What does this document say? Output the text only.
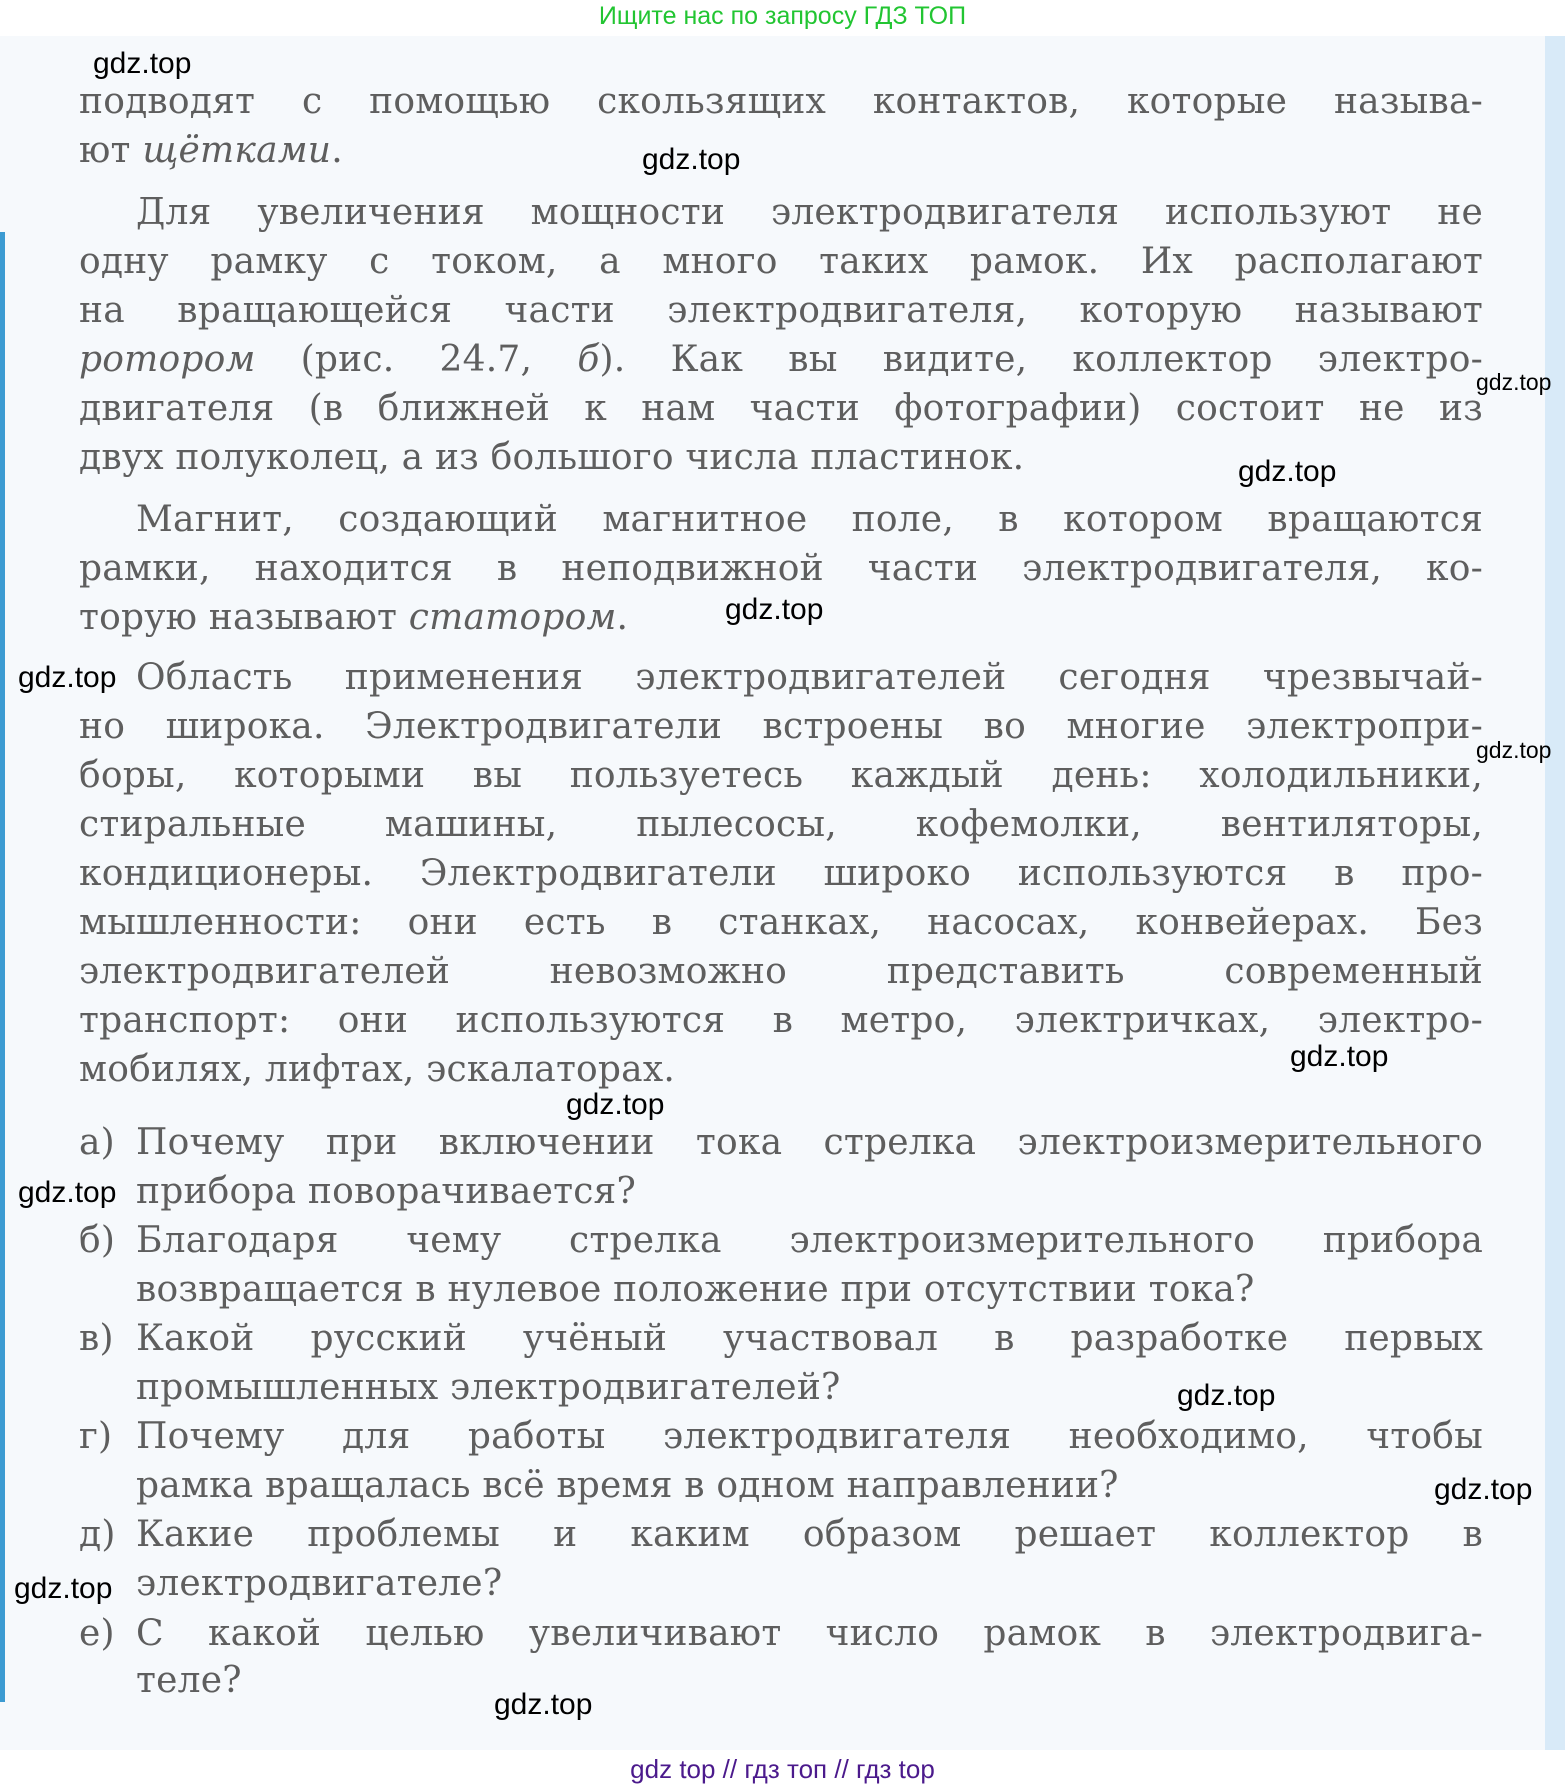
Ищите нас по запросу ГДЗ ТОП
подводят с помощью скользящих контактов, которые называ-
ют щётками.
Для увеличения мощности электродвигателя используют не
одну рамку с током, а много таких рамок. Их располагают
на вращающейся части электродвигателя, которую называют
ротором (рис. 24.7, б). Как вы видите, коллектор электро-
двигателя (в ближней к нам части фотографии) состоит не из
двух полуколец, а из большого числа пластинок.
Магнит, создающий магнитное поле, в котором вращаются
рамки, находится в неподвижной части электродвигателя, ко-
торую называют статором.
Область применения электродвигателей сегодня чрезвычай-
но широка. Электродвигатели встроены во многие электропри-
боры, которыми вы пользуетесь каждый день: холодильники,
стиральные машины, пылесосы, кофемолки, вентиляторы,
кондиционеры. Электродвигатели широко используются в про-
мышленности: они есть в станках, насосах, конвейерах. Без
электродвигателей невозможно представить современный
транспорт: они используются в метро, электричках, электро-
мобилях, лифтах, эскалаторах.
а) Почему при включении тока стрелка электроизмерительного
прибора поворачивается?
б) Благодаря чему стрелка электроизмерительного прибора
возвращается в нулевое положение при отсутствии тока?
в) Какой русский учёный участвовал в разработке первых
промышленных электродвигателей?
г) Почему для работы электродвигателя необходимо, чтобы
рамка вращалась всё время в одном направлении?
д) Какие проблемы и каким образом решает коллектор в
электродвигателе?
е) С какой целью увеличивают число рамок в электродвига-
теле?
gdz.top
gdz.top
gdz.top
gdz.top
gdz.top
gdz.top
gdz.top
gdz.top
gdz.top
gdz.top
gdz.top
gdz.top
gdz.top
gdz.top
gdz top // гдз топ // гдз top
